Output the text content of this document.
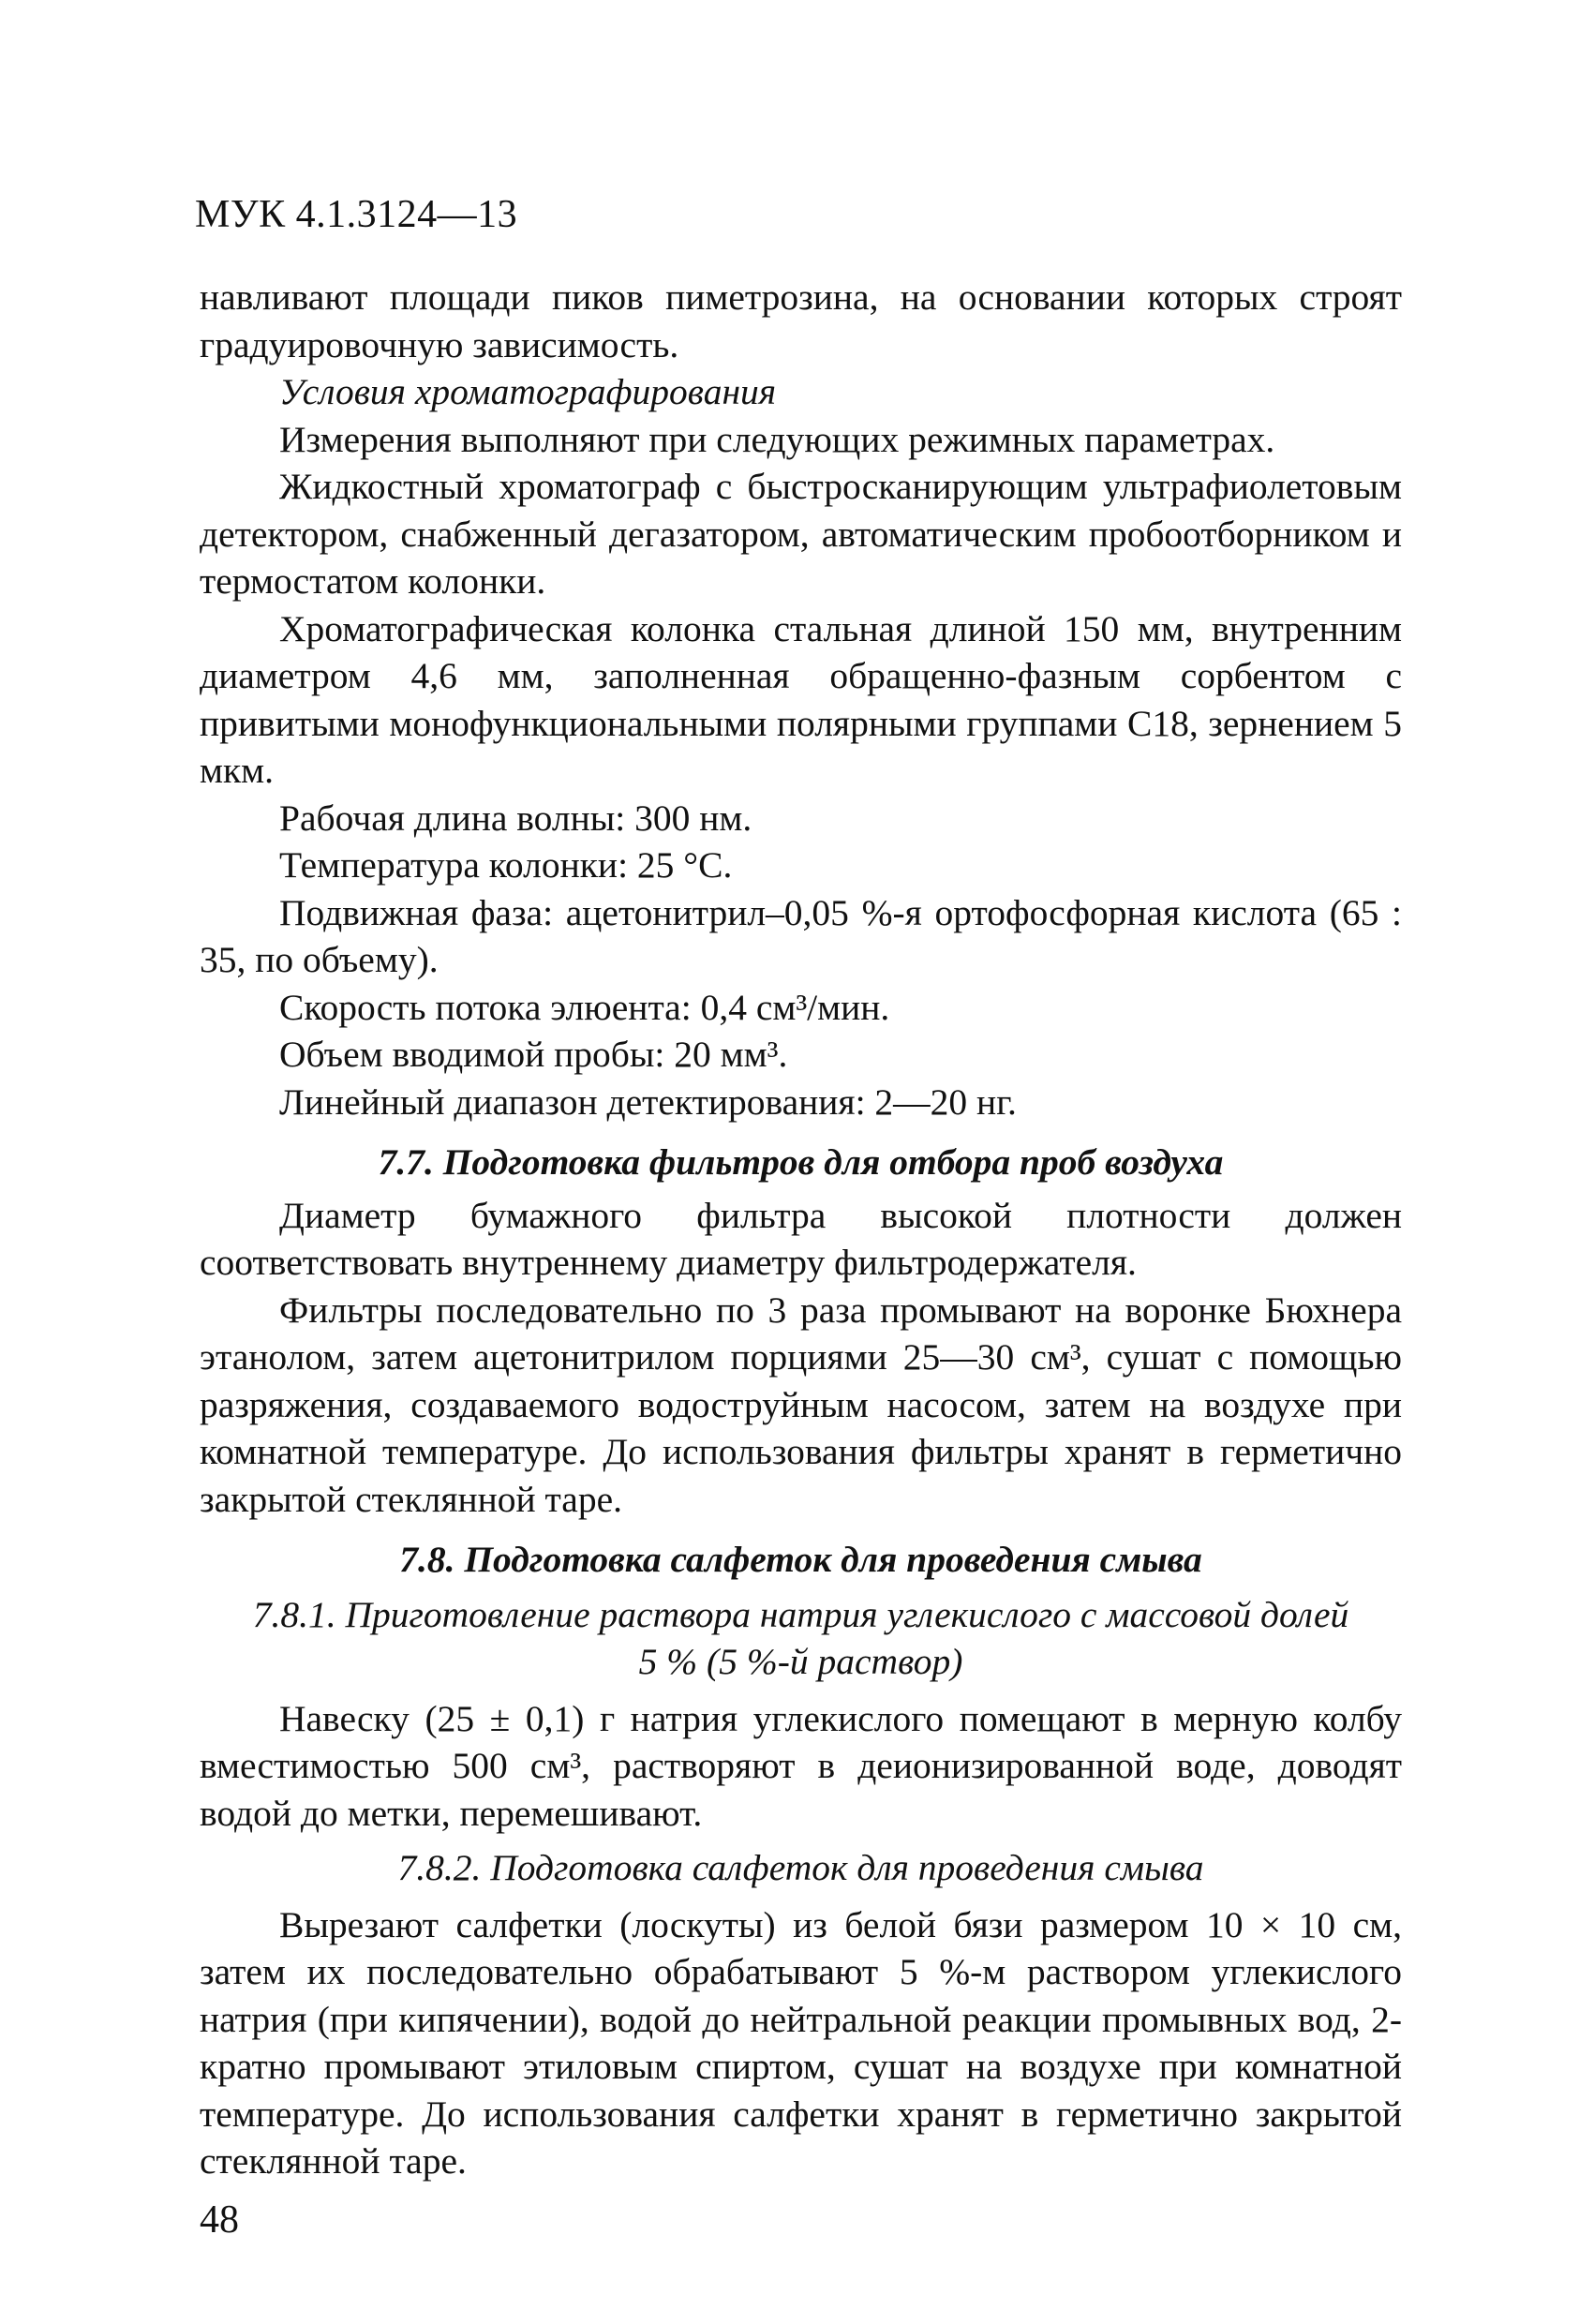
МУК 4.1.3124—13

навливают площади пиков пиметрозина, на основании которых строят градуировочную зависимость.

Условия хроматографирования

Измерения выполняют при следующих режимных параметрах.

Жидкостный хроматограф с быстросканирующим ультрафиолетовым детектором, снабженный дегазатором, автоматическим пробоотборником и термостатом колонки.

Хроматографическая колонка стальная длиной 150 мм, внутренним диаметром 4,6 мм, заполненная обращенно-фазным сорбентом с привитыми монофункциональными полярными группами С18, зернением 5 мкм.

Рабочая длина волны: 300 нм.

Температура колонки: 25 °С.

Подвижная фаза: ацетонитрил–0,05 %-я ортофосфорная кислота (65 : 35, по объему).

Скорость потока элюента: 0,4 см³/мин.

Объем вводимой пробы: 20 мм³.

Линейный диапазон детектирования: 2—20 нг.

7.7. Подготовка фильтров для отбора проб воздуха

Диаметр бумажного фильтра высокой плотности должен соответствовать внутреннему диаметру фильтродержателя.

Фильтры последовательно по 3 раза промывают на воронке Бюхнера этанолом, затем ацетонитрилом порциями 25—30 см³, сушат с помощью разряжения, создаваемого водоструйным насосом, затем на воздухе при комнатной температуре. До использования фильтры хранят в герметично закрытой стеклянной таре.

7.8. Подготовка салфеток для проведения смыва

7.8.1. Приготовление раствора натрия углекислого с массовой долей

5 % (5 %-й раствор)

Навеску (25 ± 0,1) г натрия углекислого помещают в мерную колбу вместимостью 500 см³, растворяют в деионизированной воде, доводят водой до метки, перемешивают.

7.8.2. Подготовка салфеток для проведения смыва

Вырезают салфетки (лоскуты) из белой бязи размером 10 × 10 см, затем их последовательно обрабатывают 5 %-м раствором углекислого натрия (при кипячении), водой до нейтральной реакции промывных вод, 2-кратно промывают этиловым спиртом, сушат на воздухе при комнатной температуре. До использования салфетки хранят в герметично закрытой стеклянной таре.

48
